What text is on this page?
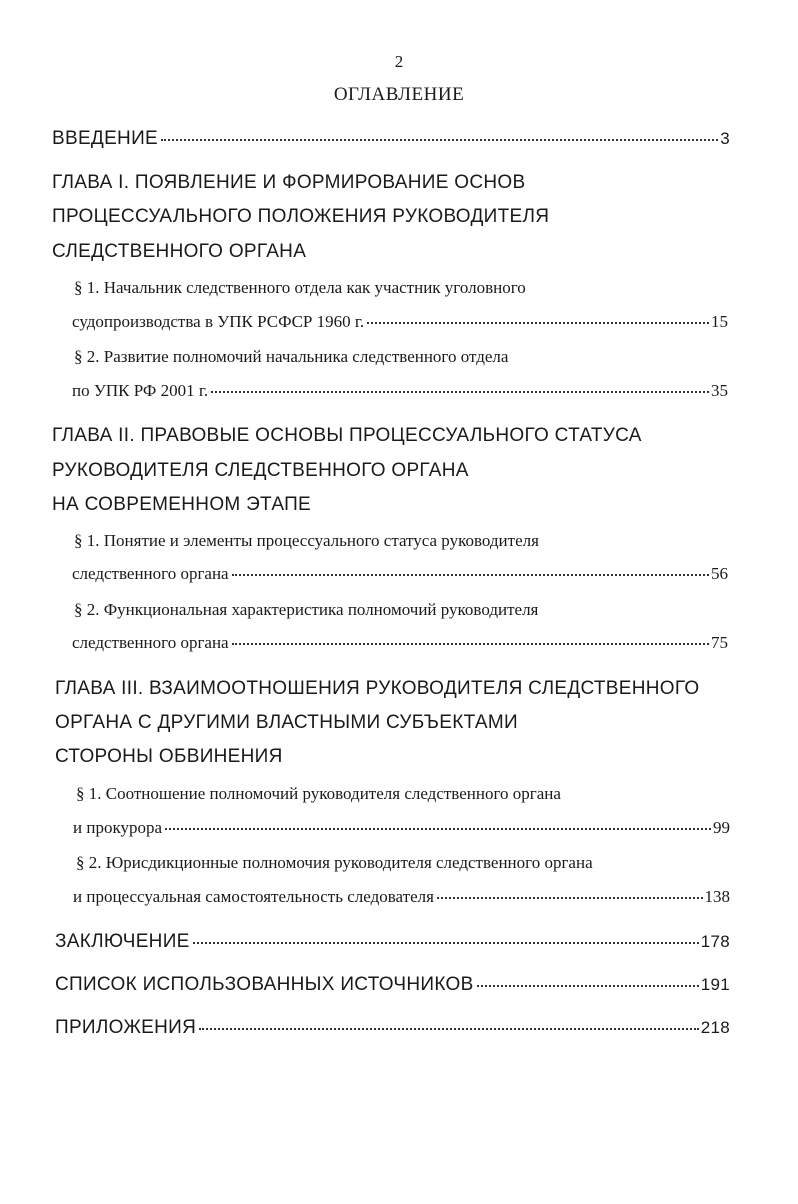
2
ОГЛАВЛЕНИЕ
ВВЕДЕНИЕ	3
ГЛАВА I. ПОЯВЛЕНИЕ И ФОРМИРОВАНИЕ ОСНОВ
ПРОЦЕССУАЛЬНОГО ПОЛОЖЕНИЯ РУКОВОДИТЕЛЯ
СЛЕДСТВЕННОГО ОРГАНА
§ 1. Начальник следственного отдела как участник уголовного
судопроизводства в УПК РСФСР 1960 г.	15
§ 2. Развитие полномочий начальника следственного отдела
по УПК РФ 2001 г.	35
ГЛАВА II. ПРАВОВЫЕ ОСНОВЫ ПРОЦЕССУАЛЬНОГО СТАТУСА
РУКОВОДИТЕЛЯ СЛЕДСТВЕННОГО ОРГАНА
НА СОВРЕМЕННОМ ЭТАПЕ
§ 1. Понятие и элементы процессуального статуса руководителя
следственного органа	56
§ 2. Функциональная характеристика полномочий руководителя
следственного органа	75
ГЛАВА III. ВЗАИМООТНОШЕНИЯ РУКОВОДИТЕЛЯ СЛЕДСТВЕННОГО
ОРГАНА С ДРУГИМИ ВЛАСТНЫМИ СУБЪЕКТАМИ
СТОРОНЫ ОБВИНЕНИЯ
§ 1. Соотношение полномочий руководителя следственного органа
и прокурора	99
§ 2. Юрисдикционные полномочия руководителя следственного органа
и процессуальная самостоятельность следователя	138
ЗАКЛЮЧЕНИЕ	178
СПИСОК ИСПОЛЬЗОВАННЫХ ИСТОЧНИКОВ	191
ПРИЛОЖЕНИЯ	218
